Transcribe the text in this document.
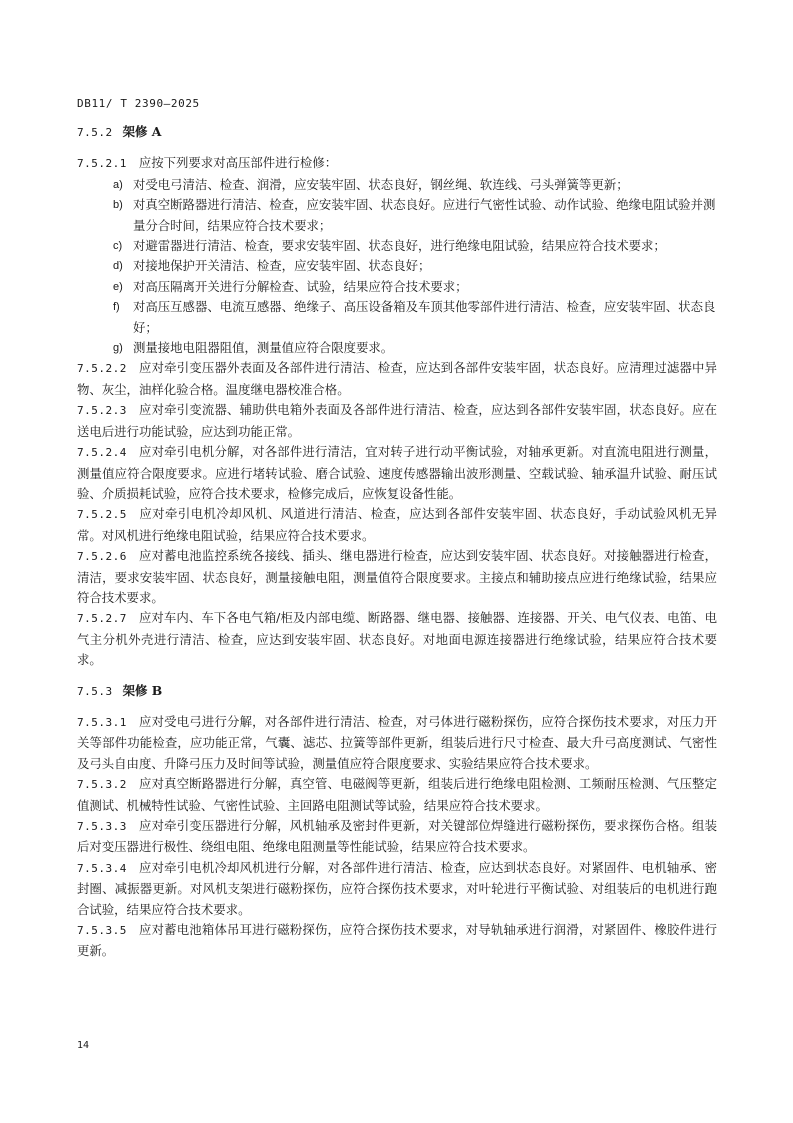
DB11/ T 2390—2025
7.5.2 架修 A

7.5.2.1 应按下列要求对高压部件进行检修：

a) 对受电弓清洁、检查、润滑，应安装牢固、状态良好，钢丝绳、软连线、弓头弹簧等更新；
b) 对真空断路器进行清洁、检查，应安装牢固、状态良好。应进行气密性试验、动作试验、绝缘电阻试验并测量分合时间，结果应符合技术要求；
c) 对避雷器进行清洁、检查，要求安装牢固、状态良好，进行绝缘电阻试验，结果应符合技术要求；
d) 对接地保护开关清洁、检查，应安装牢固、状态良好；
e) 对高压隔离开关进行分解检查、试验，结果应符合技术要求；
f) 对高压互感器、电流互感器、绝缘子、高压设备箱及车顶其他零部件进行清洁、检查，应安装牢固、状态良好；
g) 测量接地电阻器阻值，测量值应符合限度要求。

7.5.2.2 应对牵引变压器外表面及各部件进行清洁、检查，应达到各部件安装牢固，状态良好。应清理过滤器中异物、灰尘，油样化验合格。温度继电器校准合格。

7.5.2.3 应对牵引变流器、辅助供电箱外表面及各部件进行清洁、检查，应达到各部件安装牢固，状态良好。应在送电后进行功能试验，应达到功能正常。

7.5.2.4 应对牵引电机分解，对各部件进行清洁，宜对转子进行动平衡试验，对轴承更新。对直流电阻进行测量，测量值应符合限度要求。应进行堵转试验、磨合试验、速度传感器输出波形测量、空载试验、轴承温升试验、耐压试验、介质损耗试验，应符合技术要求，检修完成后，应恢复设备性能。

7.5.2.5 应对牵引电机冷却风机、风道进行清洁、检查，应达到各部件安装牢固、状态良好，手动试验风机无异常。对风机进行绝缘电阻试验，结果应符合技术要求。

7.5.2.6 应对蓄电池监控系统各接线、插头、继电器进行检查，应达到安装牢固、状态良好。对接触器进行检查，清洁，要求安装牢固、状态良好，测量接触电阻，测量值符合限度要求。主接点和辅助接点应进行绝缘试验，结果应符合技术要求。

7.5.2.7 应对车内、车下各电气箱/柜及内部电缆、断路器、继电器、接触器、连接器、开关、电气仪表、电笛、电气主分机外壳进行清洁、检查，应达到安装牢固、状态良好。对地面电源连接器进行绝缘试验，结果应符合技术要求。

7.5.3 架修 B

7.5.3.1 应对受电弓进行分解，对各部件进行清洁、检查，对弓体进行磁粉探伤，应符合探伤技术要求，对压力开关等部件功能检查，应功能正常，气囊、滤芯、拉簧等部件更新，组装后进行尺寸检查、最大升弓高度测试、气密性及弓头自由度、升降弓压力及时间等试验，测量值应符合限度要求、实验结果应符合技术要求。

7.5.3.2 应对真空断路器进行分解，真空管、电磁阀等更新，组装后进行绝缘电阻检测、工频耐压检测、气压整定值测试、机械特性试验、气密性试验、主回路电阻测试等试验，结果应符合技术要求。

7.5.3.3 应对牵引变压器进行分解，风机轴承及密封件更新，对关键部位焊缝进行磁粉探伤，要求探伤合格。组装后对变压器进行极性、绕组电阻、绝缘电阻测量等性能试验，结果应符合技术要求。

7.5.3.4 应对牵引电机冷却风机进行分解，对各部件进行清洁、检查，应达到状态良好。对紧固件、电机轴承、密封圈、减振器更新。对风机支架进行磁粉探伤，应符合探伤技术要求，对叶轮进行平衡试验、对组装后的电机进行跑合试验，结果应符合技术要求。

7.5.3.5 应对蓄电池箱体吊耳进行磁粉探伤，应符合探伤技术要求，对导轨轴承进行润滑，对紧固件、橡胶件进行更新。

14
